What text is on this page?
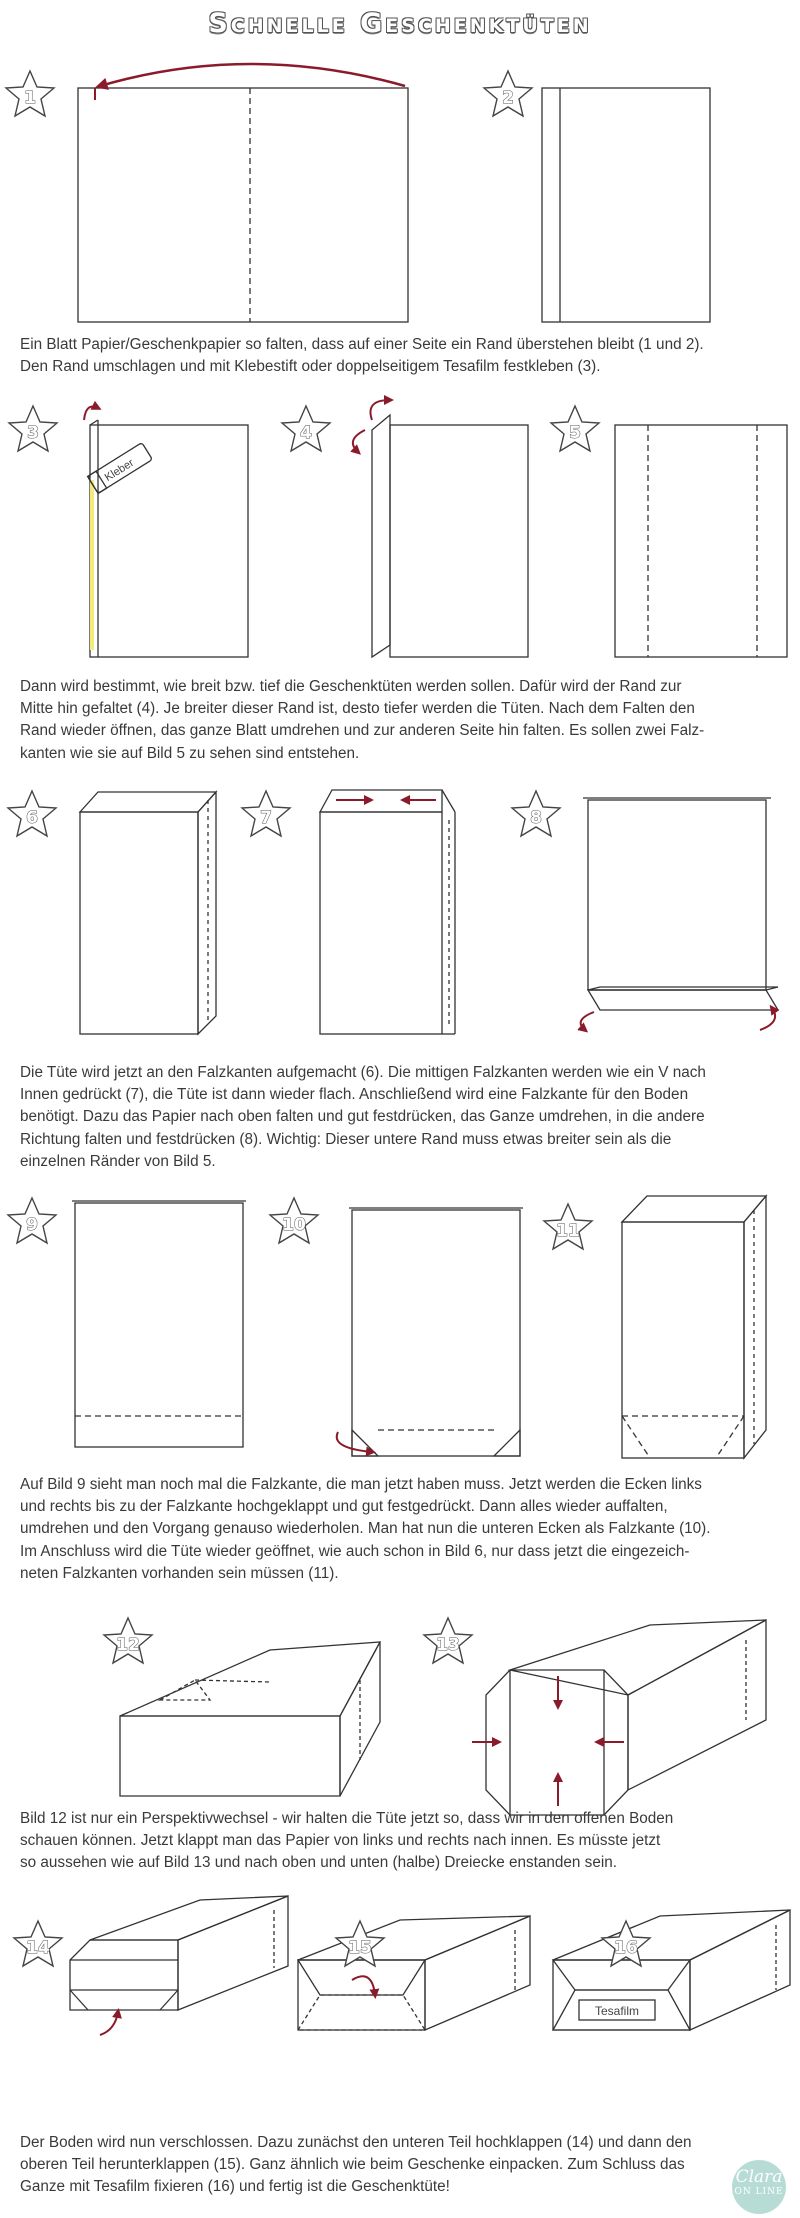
Schnelle Geschenktüten
1	2
3	4	5
6	7	8
9	10	11
12	13
14	15	16
Kleber
Tesafilm

Ein Blatt Papier/Geschenkpapier so falten, dass auf einer Seite ein Rand überstehen bleibt (1 und 2).
Den Rand umschlagen und mit Klebestift oder doppelseitigem Tesafilm festkleben (3).

Dann wird bestimmt, wie breit bzw. tief die Geschenktüten werden sollen. Dafür wird der Rand zur
Mitte hin gefaltet (4). Je breiter dieser Rand ist, desto tiefer werden die Tüten. Nach dem Falten den
Rand wieder öffnen, das ganze Blatt umdrehen und zur anderen Seite hin falten. Es sollen zwei Falz-
kanten wie sie auf Bild 5 zu sehen sind entstehen.

Die Tüte wird jetzt an den Falzkanten aufgemacht (6). Die mittigen Falzkanten werden wie ein V nach
Innen gedrückt (7), die Tüte ist dann wieder flach. Anschließend wird eine Falzkante für den Boden
benötigt. Dazu das Papier nach oben falten und gut festdrücken, das Ganze umdrehen, in die andere
Richtung falten und festdrücken (8). Wichtig: Dieser untere Rand muss etwas breiter sein als die
einzelnen Ränder von Bild 5.

Auf Bild 9 sieht man noch mal die Falzkante, die man jetzt haben muss. Jetzt werden die Ecken links
und rechts bis zu der Falzkante hochgeklappt und gut festgedrückt. Dann alles wieder auffalten,
umdrehen und den Vorgang genauso wiederholen. Man hat nun die unteren Ecken als Falzkante (10).
Im Anschluss wird die Tüte wieder geöffnet, wie auch schon in Bild 6, nur dass jetzt die eingezeich-
neten Falzkanten vorhanden sein müssen (11).

Bild 12 ist nur ein Perspektivwechsel - wir halten die Tüte jetzt so, dass wir in den offenen Boden
schauen können. Jetzt klappt man das Papier von links und rechts nach innen. Es müsste jetzt
so aussehen wie auf Bild 13 und nach oben und unten (halbe) Dreiecke enstanden sein.

Der Boden wird nun verschlossen. Dazu zunächst den unteren Teil hochklappen (14) und dann den
oberen Teil herunterklappen (15). Ganz ähnlich wie beim Geschenke einpacken. Zum Schluss das
Ganze mit Tesafilm fixieren (16) und fertig ist die Geschenktüte!	Clara
ON LINE
